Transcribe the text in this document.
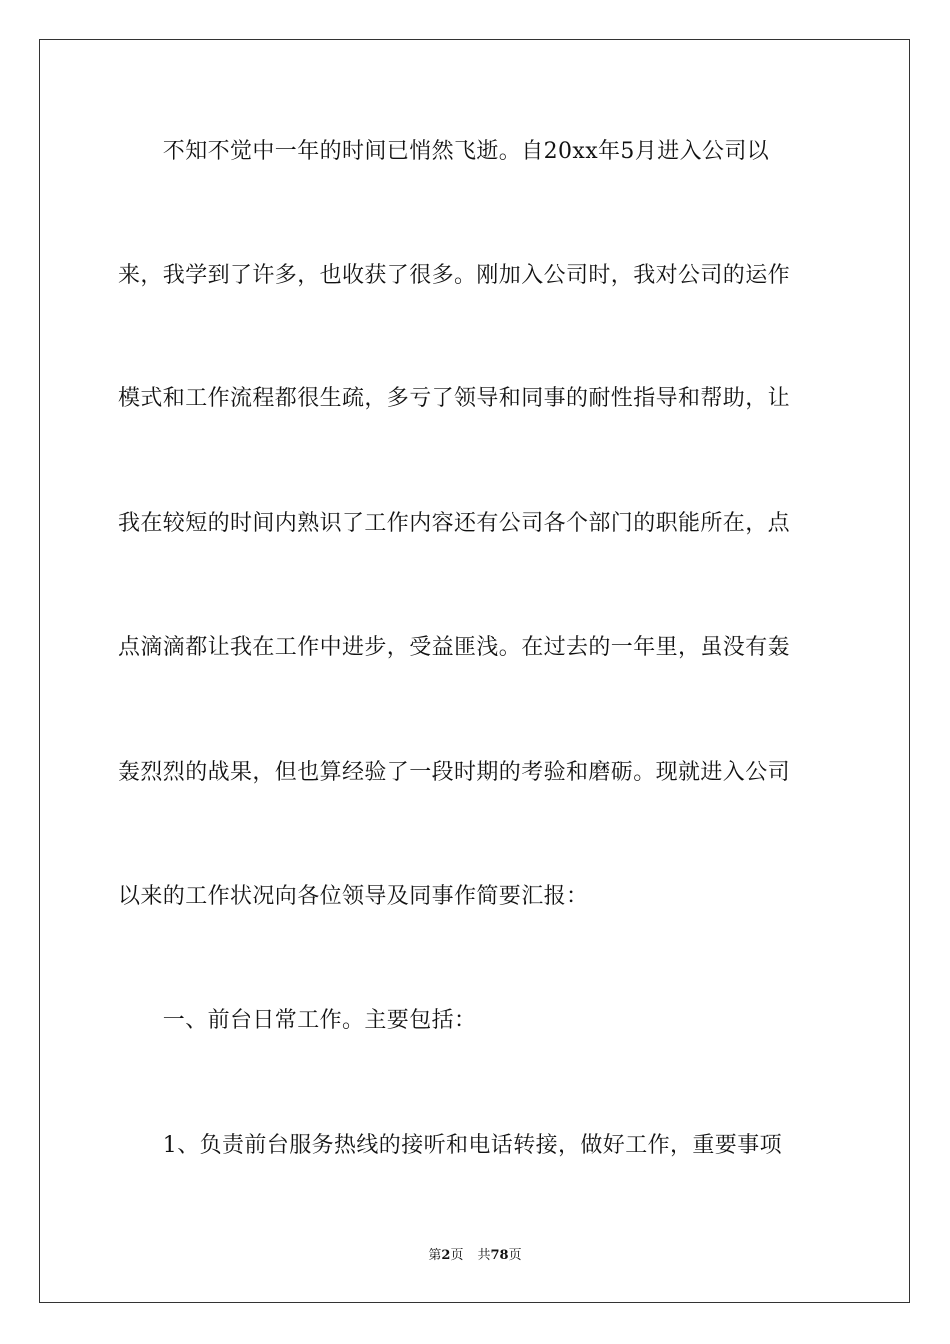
　　不知不觉中一年的时间已悄然飞逝。自20xx年5月进入公司以
来，我学到了许多，也收获了很多。刚加入公司时，我对公司的运作
模式和工作流程都很生疏，多亏了领导和同事的耐性指导和帮助，让
我在较短的时间内熟识了工作内容还有公司各个部门的职能所在，点
点滴滴都让我在工作中进步，受益匪浅。在过去的一年里，虽没有轰
轰烈烈的战果，但也算经验了一段时期的考验和磨砺。现就进入公司
以来的工作状况向各位领导及同事作简要汇报：
　　一、前台日常工作。主要包括：
　　1、负责前台服务热线的接听和电话转接，做好工作，重要事项
第2页 共78页
